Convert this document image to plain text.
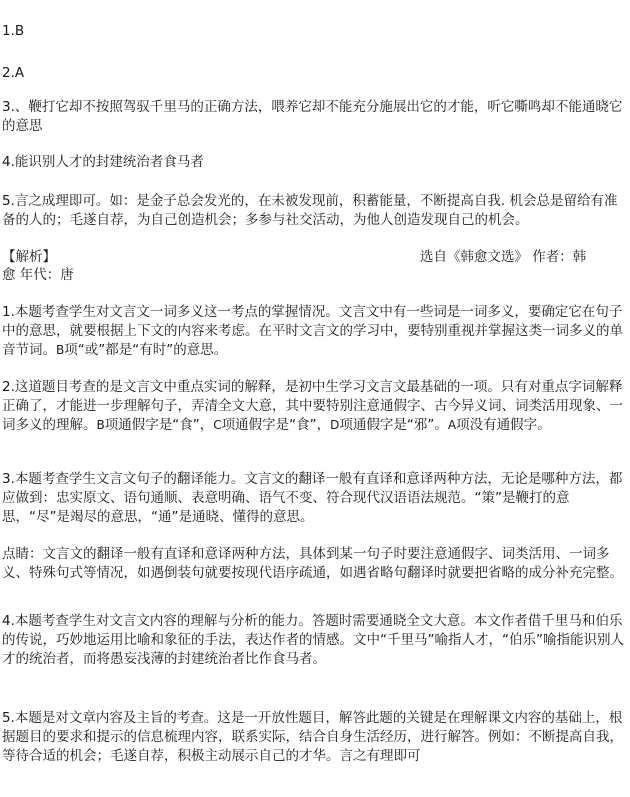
1.B

2.A

3.、鞭打它却不按照驾驭千里马的正确方法，喂养它却不能充分施展出它的才能，听它嘶鸣却不能通晓它的意思

4.能识别人才的封建统治者食马者

5.言之成理即可。如：是金子总会发光的，在未被发现前，积蓄能量，不断提高自我. 机会总是留给有准备的人的；毛遂自荐，为自己创造机会；多参与社交活动，为他人创造发现自己的机会。

【解析】	选自《韩愈文选》 作者：韩
愈 年代：唐

1.本题考查学生对文言文一词多义这一考点的掌握情况。文言文中有一些词是一词多义，要确定它在句子中的意思，就要根据上下文的内容来考虑。在平时文言文的学习中，要特别重视并掌握这类一词多义的单音节词。B项“或”都是“有时”的意思。

2.这道题目考查的是文言文中重点实词的解释，是初中生学习文言文最基础的一项。只有对重点字词解释正确了，才能进一步理解句子，弄清全文大意，其中要特别注意通假字、古今异义词、词类活用现象、一词多义的理解。B项通假字是“食”，C项通假字是“食”，D项通假字是“邪”。A项没有通假字。

3.本题考查学生文言文句子的翻译能力。文言文的翻译一般有直译和意译两种方法，无论是哪种方法，都应做到：忠实原文、语句通顺、表意明确、语气不变、符合现代汉语语法规范。“策”是鞭打的意思，“尽”是竭尽的意思，“通”是通晓、懂得的意思。

点睛：文言文的翻译一般有直译和意译两种方法，具体到某一句子时要注意通假字、词类活用、一词多义、特殊句式等情况，如遇倒装句就要按现代语序疏通，如遇省略句翻译时就要把省略的成分补充完整。

4.本题考查学生对文言文内容的理解与分析的能力。答题时需要通晓全文大意。本文作者借千里马和伯乐的传说，巧妙地运用比喻和象征的手法，表达作者的情感。文中“千里马”喻指人才，“伯乐”喻指能识别人才的统治者，而将愚妄浅薄的封建统治者比作食马者。

5.本题是对文章内容及主旨的考查。这是一开放性题目，解答此题的关键是在理解课文内容的基础上，根据题目的要求和提示的信息梳理内容，联系实际，结合自身生活经历，进行解答。例如：不断提高自我，等待合适的机会；毛遂自荐，积极主动展示自己的才华。言之有理即可
